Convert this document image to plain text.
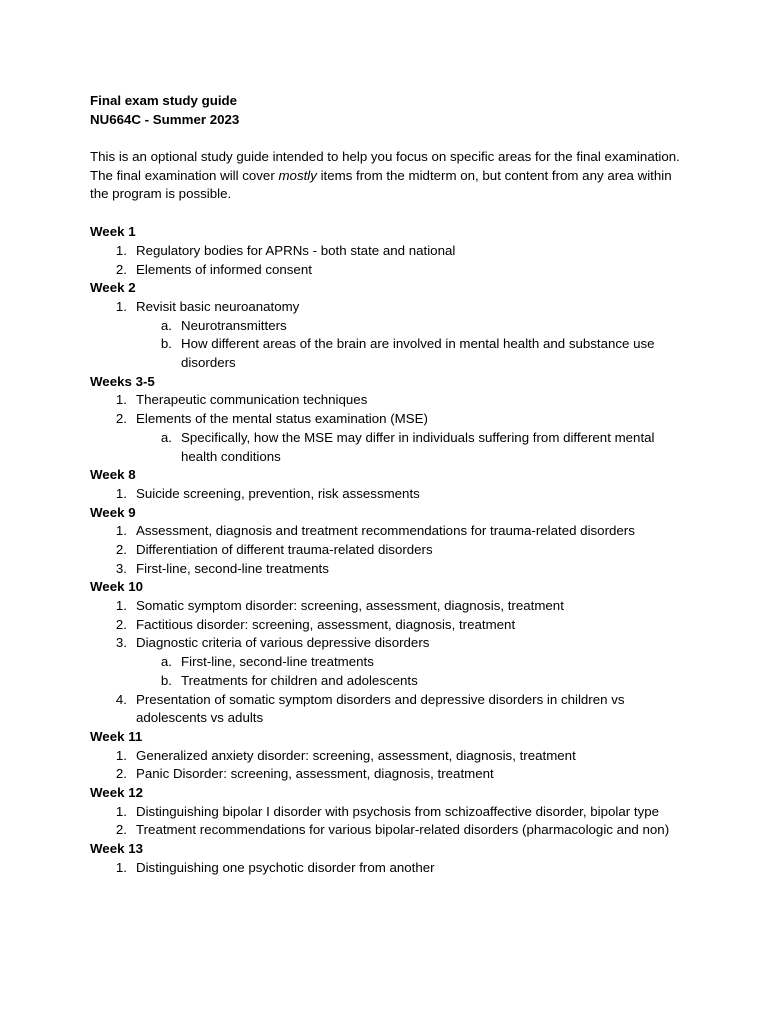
Final exam study guide
NU664C - Summer 2023
This is an optional study guide intended to help you focus on specific areas for the final examination. The final examination will cover mostly items from the midterm on, but content from any area within the program is possible.
Week 1
1. Regulatory bodies for APRNs - both state and national
2. Elements of informed consent
Week 2
1. Revisit basic neuroanatomy
a. Neurotransmitters
b. How different areas of the brain are involved in mental health and substance use disorders
Weeks 3-5
1. Therapeutic communication techniques
2. Elements of the mental status examination (MSE)
a. Specifically, how the MSE may differ in individuals suffering from different mental health conditions
Week 8
1. Suicide screening, prevention, risk assessments
Week 9
1. Assessment, diagnosis and treatment recommendations for trauma-related disorders
2. Differentiation of different trauma-related disorders
3. First-line, second-line treatments
Week 10
1. Somatic symptom disorder: screening, assessment, diagnosis, treatment
2. Factitious disorder: screening, assessment, diagnosis, treatment
3. Diagnostic criteria of various depressive disorders
a. First-line, second-line treatments
b. Treatments for children and adolescents
4. Presentation of somatic symptom disorders and depressive disorders in children vs adolescents vs adults
Week 11
1. Generalized anxiety disorder: screening, assessment, diagnosis, treatment
2. Panic Disorder: screening, assessment, diagnosis, treatment
Week 12
1. Distinguishing bipolar I disorder with psychosis from schizoaffective disorder, bipolar type
2. Treatment recommendations for various bipolar-related disorders (pharmacologic and non)
Week 13
1. Distinguishing one psychotic disorder from another
